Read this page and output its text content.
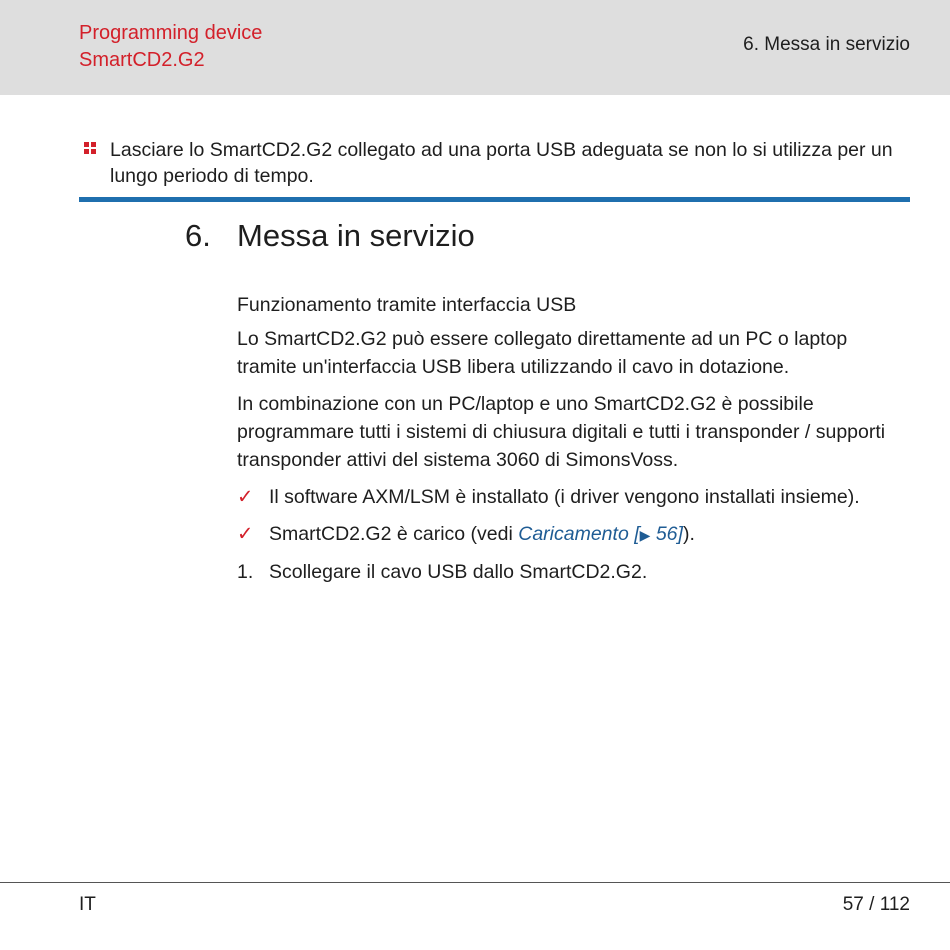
Programming device
SmartCD2.G2
6. Messa in servizio
Lasciare lo SmartCD2.G2 collegato ad una porta USB adeguata se non lo si utilizza per un lungo periodo di tempo.
6. Messa in servizio

Funzionamento tramite interfaccia USB

Lo SmartCD2.G2 può essere collegato direttamente ad un PC o laptop tramite un'interfaccia USB libera utilizzando il cavo in dotazione.

In combinazione con un PC/laptop e uno SmartCD2.G2 è possibile programmare tutti i sistemi di chiusura digitali e tutti i transponder / supporti transponder attivi del sistema 3060 di SimonsVoss.

✓ Il software AXM/LSM è installato (i driver vengono installati insieme).
✓ SmartCD2.G2 è carico (vedi Caricamento [▶ 56]).
1. Scollegare il cavo USB dallo SmartCD2.G2.
IT	57 / 112
